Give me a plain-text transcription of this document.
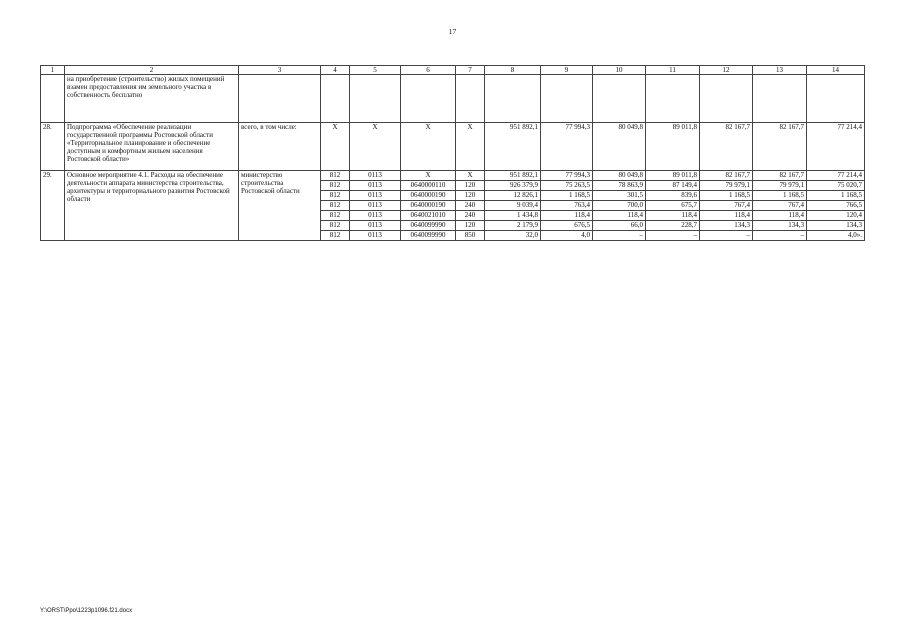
17
1	2	3	4	5	6	7	8	9	10	11	12	13	14
	на приобретение (строительство) жилых помещений взамен предоставления им земельного участка в собственность бесплатно												
28.	Подпрограмма «Обеспечение реализации государственной программы Ростовской области «Территориальное планирование и обеспечение доступным и комфортным жильем населения Ростовской области»	всего, в том числе:	X	X	X	X	951 892,1	77 994,3	80 049,8	89 011,8	82 167,7	82 167,7	77 214,4
29.	Основное мероприятие 4.1. Расходы на обеспечение деятельности аппарата министерства строительства, архитектуры и территориального развития Ростовской области	министерство строительства Ростовской области	812	0113	X	X	951 892,1	77 994,3	80 049,8	89 011,8	82 167,7	82 167,7	77 214,4
			812	0113	0640000110	120	926 379,9	75 263,5	78 863,9	87 149,4	79 979,1	79 979,1	75 020,7
			812	0113	0640000190	120	12 826,1	1 168,5	301,5	839,6	1 168,5	1 168,5	1 168,5
			812	0113	0640000190	240	9 039,4	763,4	700,0	675,7	767,4	767,4	766,5
			812	0113	0640021010	240	1 434,8	118,4	118,4	118,4	118,4	118,4	120,4
			812	0113	0640099990	120	2 179,9	676,5	66,0	228,7	134,3	134,3	134,3
			812	0113	0640099990	850	32,0	4,0	–	–	–	–	4,0».
Y:\ORST\Ppo\1223p1096.f21.docx
